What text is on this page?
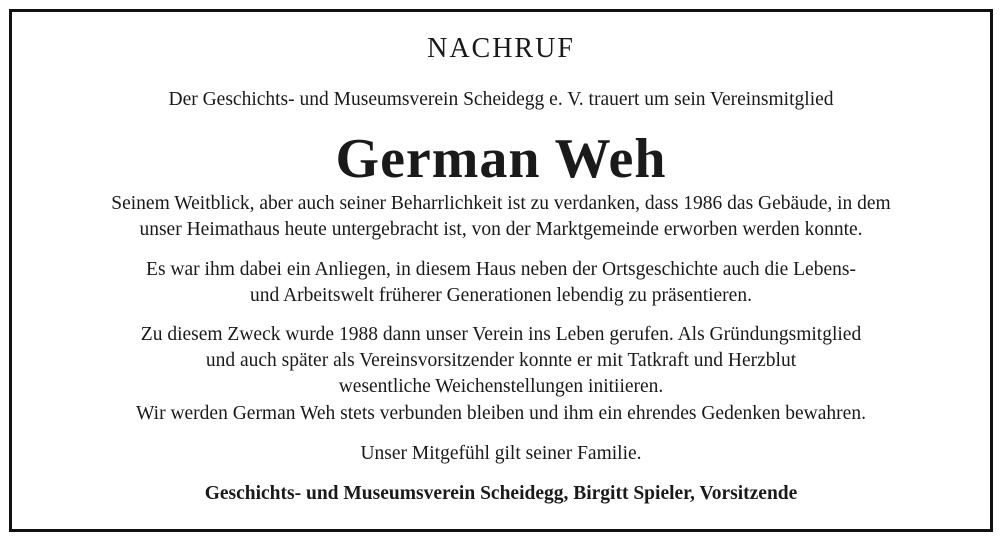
NACHRUF
Der Geschichts- und Museumsverein Scheidegg e. V. trauert um sein Vereinsmitglied
German Weh
Seinem Weitblick, aber auch seiner Beharrlichkeit ist zu verdanken, dass 1986 das Gebäude, in dem
unser Heimathaus heute untergebracht ist, von der Marktgemeinde erworben werden konnte.
Es war ihm dabei ein Anliegen, in diesem Haus neben der Ortsgeschichte auch die Lebens-
und Arbeitswelt früherer Generationen lebendig zu präsentieren.
Zu diesem Zweck wurde 1988 dann unser Verein ins Leben gerufen. Als Gründungsmitglied
und auch später als Vereinsvorsitzender konnte er mit Tatkraft und Herzblut
wesentliche Weichenstellungen initiieren.
Wir werden German Weh stets verbunden bleiben und ihm ein ehrendes Gedenken bewahren.
Unser Mitgefühl gilt seiner Familie.
Geschichts- und Museumsverein Scheidegg, Birgitt Spieler, Vorsitzende
